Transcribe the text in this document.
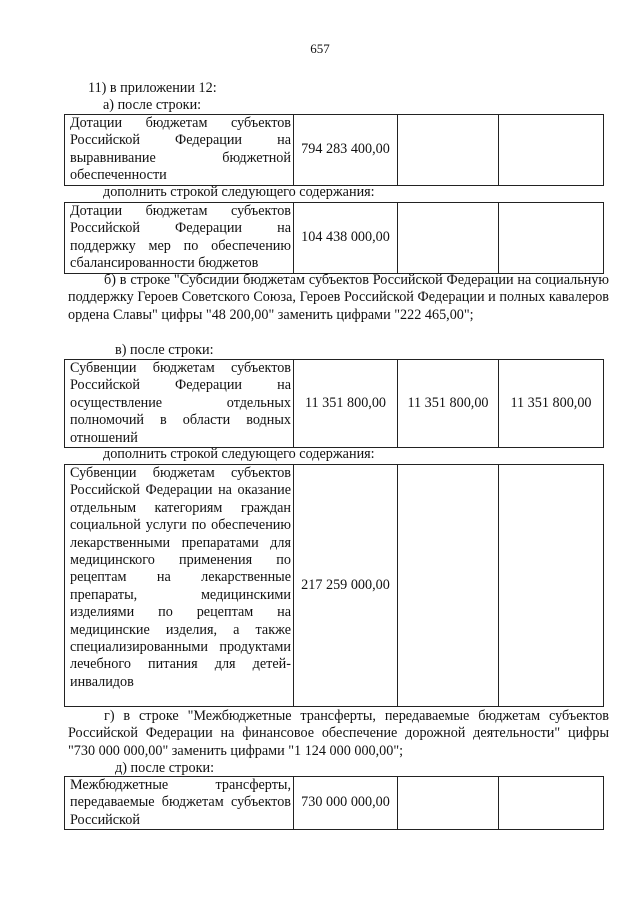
657
11) в приложении 12:
а) после строки:
Дотации бюджетам субъектов Российской Федерации на выравнивание бюджетной обеспеченности	794 283 400,00		
дополнить строкой следующего содержания:
Дотации бюджетам субъектов Российской Федерации на поддержку мер по обеспечению сбалансированности бюджетов	104 438 000,00		
б) в строке "Субсидии бюджетам субъектов Российской Федерации на социальную поддержку Героев Советского Союза, Героев Российской Федерации и полных кавалеров ордена Славы" цифры "48 200,00" заменить цифрами "222 465,00";
в) после строки:
Субвенции бюджетам субъектов Российской Федерации на осуществление отдельных полномочий в области водных отношений	11 351 800,00	11 351 800,00	11 351 800,00
дополнить строкой следующего содержания:
Субвенции бюджетам субъектов Российской Федерации на оказание отдельным категориям граждан социальной услуги по обеспечению лекарственными препаратами для медицинского применения по рецептам на лекарственные препараты, медицинскими изделиями по рецептам на медицинские изделия, а также специализированными продуктами лечебного питания для детей-инвалидов	217 259 000,00		
г) в строке "Межбюджетные трансферты, передаваемые бюджетам субъектов Российской Федерации на финансовое обеспечение дорожной деятельности" цифры "730 000 000,00" заменить цифрами "1 124 000 000,00";
д) после строки:
Межбюджетные трансферты, передаваемые бюджетам субъектов Российской	730 000 000,00		
